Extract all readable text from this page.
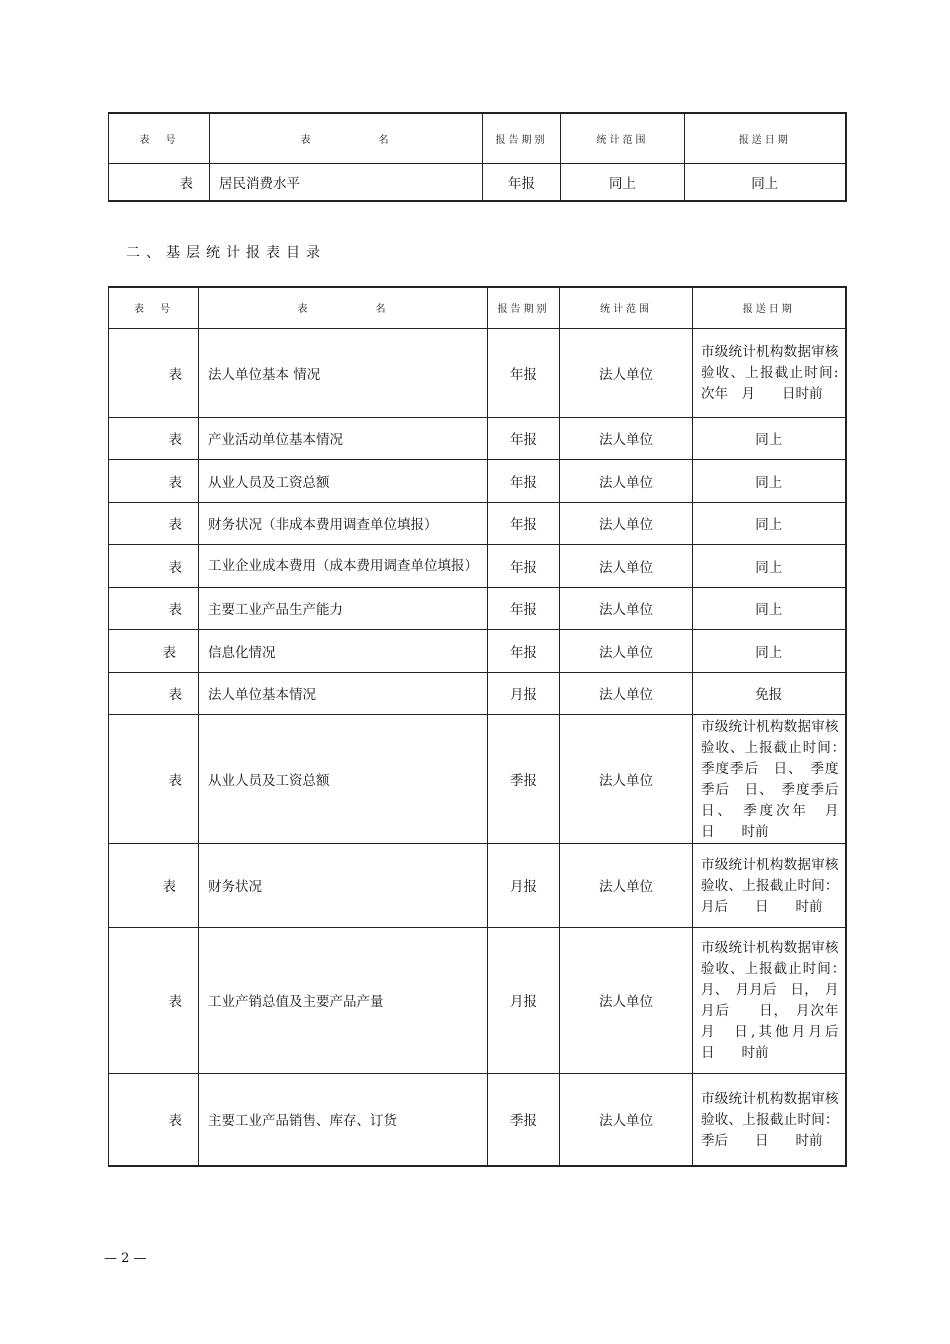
表　号	表　　　　　名	报告期别	统计范围	报送日期
表	居民消费水平	年报	同上	同上
二、基层统计报表目录
表　号	表　　　　　名	报告期别	统计范围	报送日期
表	法人单位基本 情况	年报	法人单位	市级统计机构数据审核验收、上报截止时间:次年　月　　日时前
表	产业活动单位基本情况	年报	法人单位	同上
表	从业人员及工资总额	年报	法人单位	同上
表	财务状况（非成本费用调查单位填报）	年报	法人单位	同上
表	工业企业成本费用（成本费用调查单位填报）	年报	法人单位	同上
表	主要工业产品生产能力	年报	法人单位	同上
表	信息化情况	年报	法人单位	同上
表	法人单位基本情况	月报	法人单位	免报
表	从业人员及工资总额	季报	法人单位	市级统计机构数据审核验收、上报截止时间：　季度季后　日、　季度季后　日、　季度季后　　日、　季度次年　月　日　　时前
表	财务状况	月报	法人单位	市级统计机构数据审核验收、上报截止时间：月后　　日　　时前
表	工业产销总值及主要产品产量	月报	法人单位	市级统计机构数据审核验收、上报截止时间：　月、　月月后　日，　月月后　　日，　月次年　月　日,其他月月后　日　　时前
表	主要工业产品销售、库存、订货	季报	法人单位	市级统计机构数据审核验收、上报截止时间：季后　　日　　时前
— 2 —
